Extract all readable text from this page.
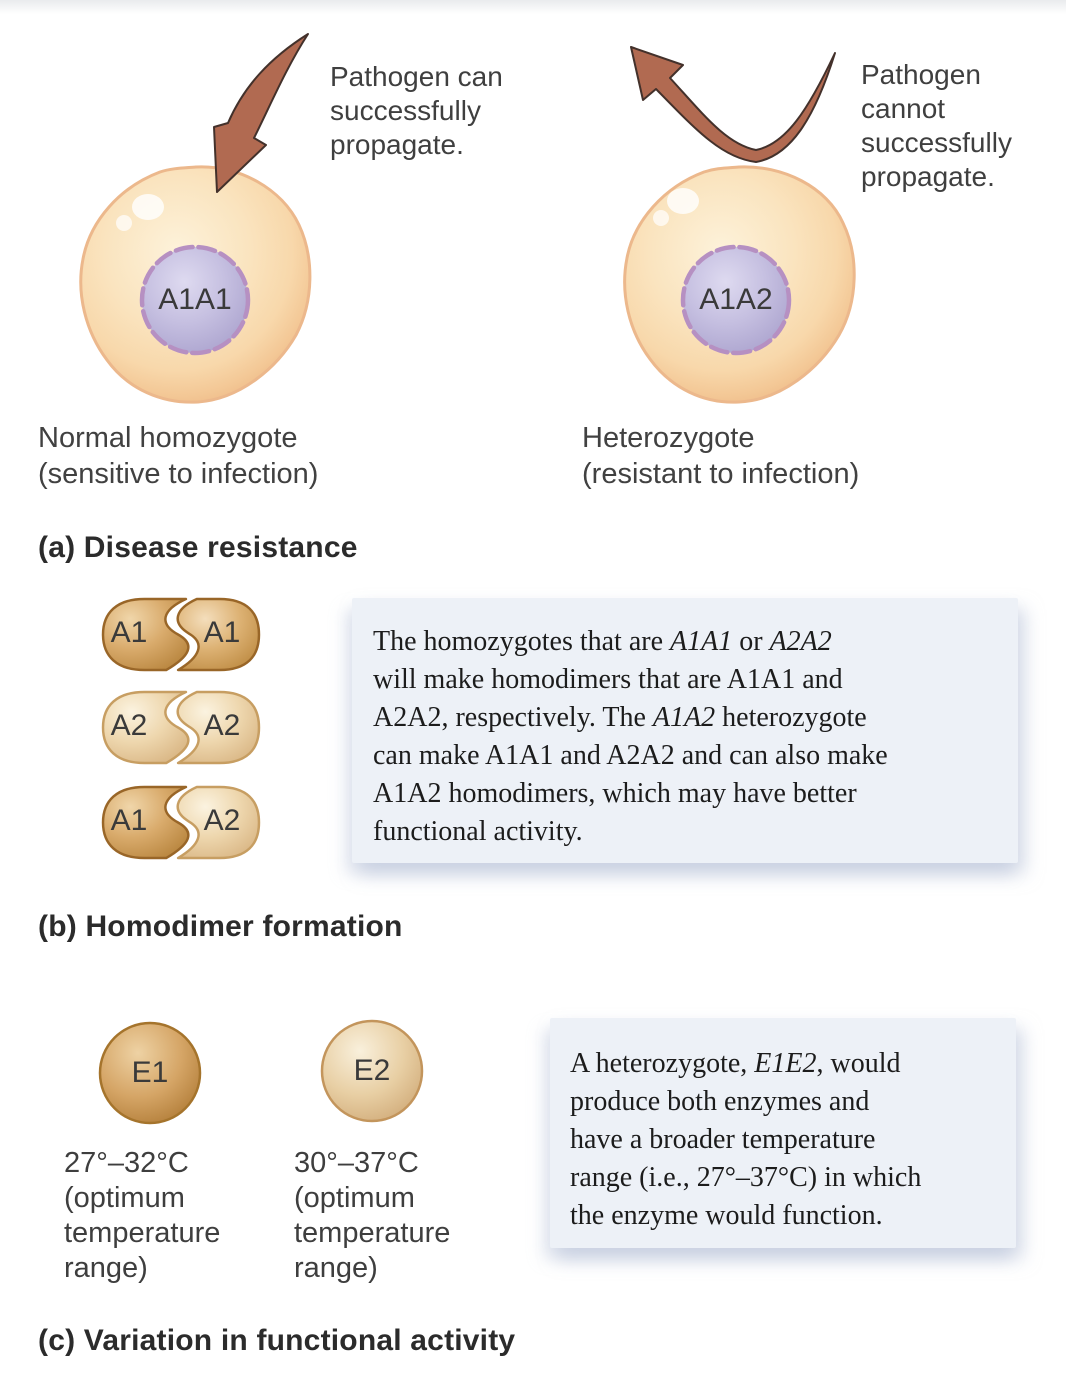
A1A1	A1A2
Pathogen can
successfully
propagate.
Pathogen
cannot
successfully
propagate.
Normal homozygote
(sensitive to infection)
Heterozygote
(resistant to infection)
(a) Disease resistance
A1	A1
A2	A2
A1	A2
The homozygotes that are A1A1 or A2A2
will make homodimers that are A1A1 and
A2A2, respectively. The A1A2 heterozygote
can make A1A1 and A2A2 and can also make
A1A2 homodimers, which may have better
functional activity.
(b) Homodimer formation
E1	E2
27°–32°C
(optimum
temperature
range)
30°–37°C
(optimum
temperature
range)
A heterozygote, E1E2, would
produce both enzymes and
have a broader temperature
range (i.e., 27°–37°C) in which
the enzyme would function.
(c) Variation in functional activity
